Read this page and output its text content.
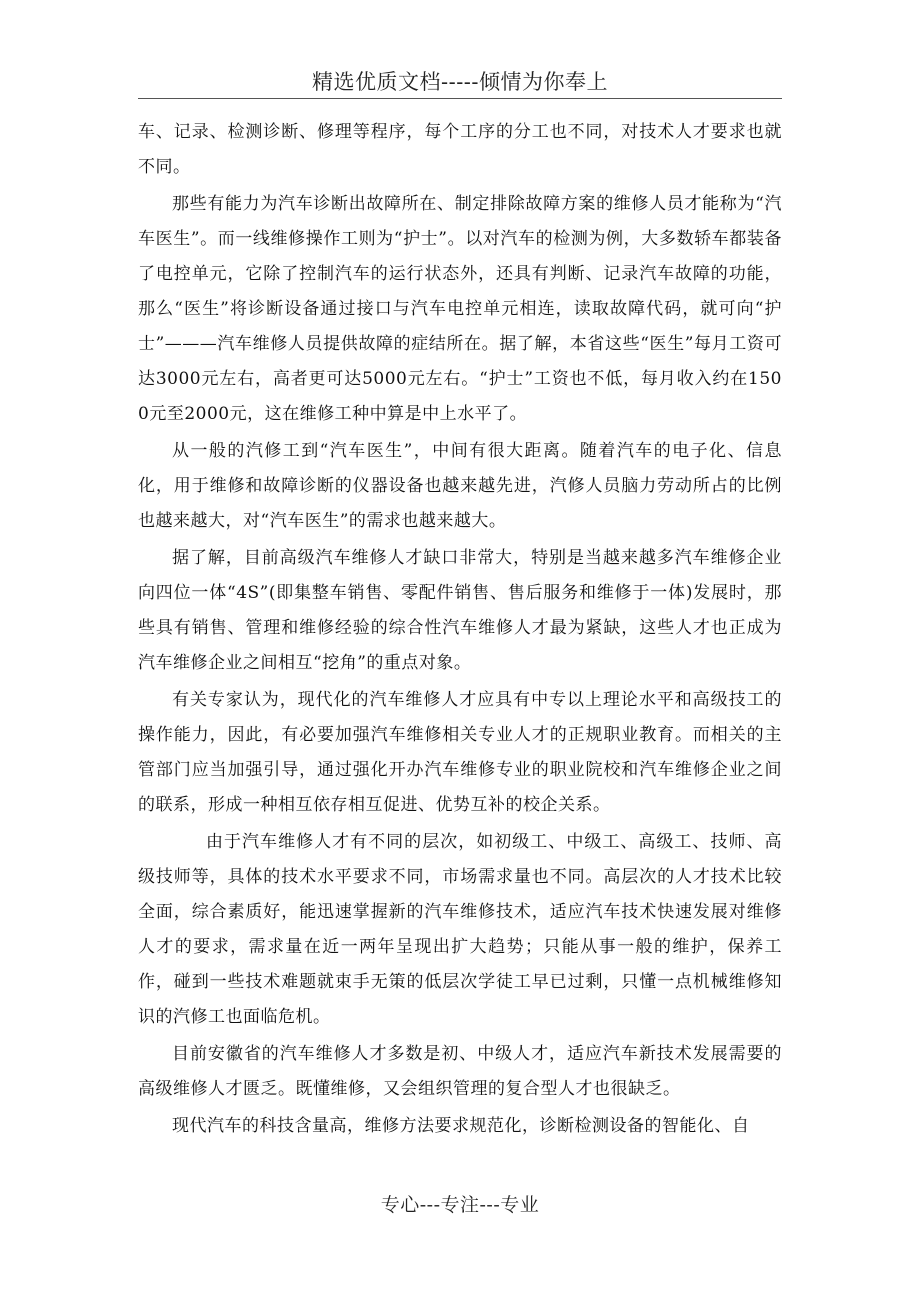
精选优质文档-----倾情为你奉上

车、记录、检测诊断、修理等程序，每个工序的分工也不同，对技术人才要求也就不同。

那些有能力为汽车诊断出故障所在、制定排除故障方案的维修人员才能称为“汽车医生”。而一线维修操作工则为“护士”。以对汽车的检测为例，大多数轿车都装备了电控单元，它除了控制汽车的运行状态外，还具有判断、记录汽车故障的功能，那么“医生”将诊断设备通过接口与汽车电控单元相连，读取故障代码，就可向“护士”———汽车维修人员提供故障的症结所在。据了解，本省这些“医生”每月工资可达3000元左右，高者更可达5000元左右。“护士”工资也不低，每月收入约在1500元至2000元，这在维修工种中算是中上水平了。

从一般的汽修工到“汽车医生”，中间有很大距离。随着汽车的电子化、信息化，用于维修和故障诊断的仪器设备也越来越先进，汽修人员脑力劳动所占的比例也越来越大，对“汽车医生”的需求也越来越大。

据了解，目前高级汽车维修人才缺口非常大，特别是当越来越多汽车维修企业向四位一体“4S”(即集整车销售、零配件销售、售后服务和维修于一体)发展时，那些具有销售、管理和维修经验的综合性汽车维修人才最为紧缺，这些人才也正成为汽车维修企业之间相互“挖角”的重点对象。

有关专家认为，现代化的汽车维修人才应具有中专以上理论水平和高级技工的操作能力，因此，有必要加强汽车维修相关专业人才的正规职业教育。而相关的主管部门应当加强引导，通过强化开办汽车维修专业的职业院校和汽车维修企业之间的联系，形成一种相互依存相互促进、优势互补的校企关系。

由于汽车维修人才有不同的层次，如初级工、中级工、高级工、技师、高级技师等，具体的技术水平要求不同，市场需求量也不同。高层次的人才技术比较全面，综合素质好，能迅速掌握新的汽车维修技术，适应汽车技术快速发展对维修人才的要求，需求量在近一两年呈现出扩大趋势；只能从事一般的维护，保养工作，碰到一些技术难题就束手无策的低层次学徒工早已过剩，只懂一点机械维修知识的汽修工也面临危机。

目前安徽省的汽车维修人才多数是初、中级人才，适应汽车新技术发展需要的高级维修人才匮乏。既懂维修，又会组织管理的复合型人才也很缺乏。

现代汽车的科技含量高，维修方法要求规范化，诊断检测设备的智能化、自

专心---专注---专业
